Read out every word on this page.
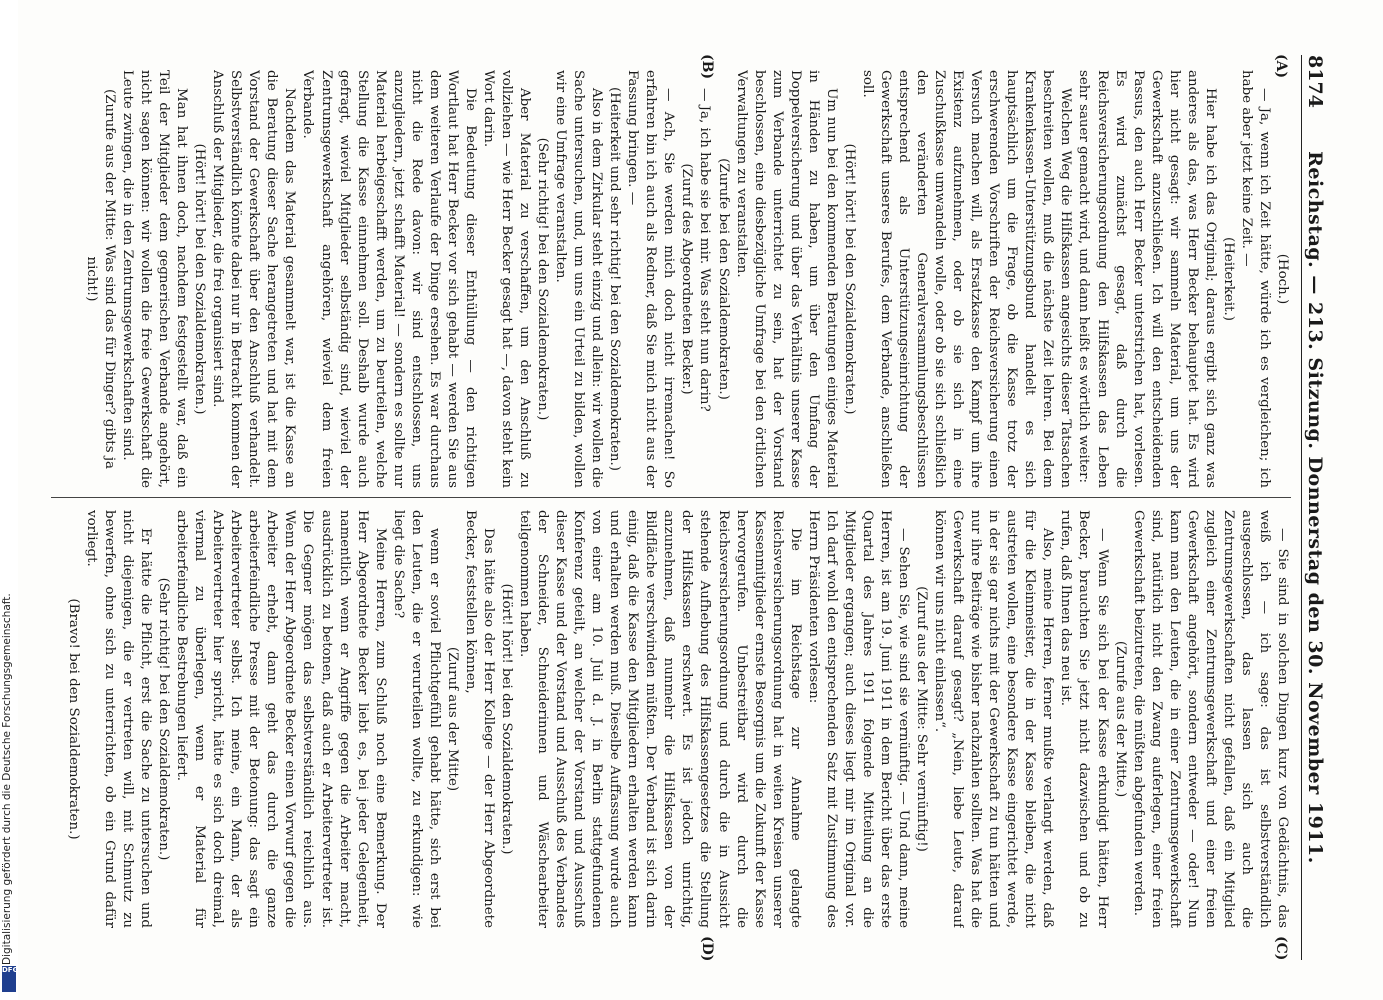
8174
Reichstag. — 213. Sitzung. Donnerstag den 30. November 1911.
(A)
(B)
(C)
(D)

(Hoch.)

— Ja, wenn ich Zeit hätte, würde ich es vergleichen; ich habe aber jetzt keine Zeit. —

(Heiterkeit.)

Hier habe ich das Original; daraus ergibt sich ganz was anderes als das, was Herr Becker behauptet hat. Es wird hier nicht gesagt: wir sammeln Material, um uns der Gewerkschaft anzuschließen. Ich will den entscheidenden Passus, den auch Herr Becker unterstrichen hat, vorlesen. Es wird zunächst gesagt, daß durch die Reichsversicherungsordnung den Hilfskassen das Leben sehr sauer gemacht wird, und dann heißt es wörtlich weiter:

Welchen Weg die Hilfskassen angesichts dieser Tatsachen beschreiten wollen, muß die nächste Zeit lehren. Bei dem Krankenkassen-Unterstützungsbund handelt es sich hauptsächlich um die Frage, ob die Kasse trotz der erschwerenden Vorschriften der Reichsversicherung einen Versuch machen will, als Ersatzkasse den Kampf um ihre Existenz aufzunehmen, oder ob sie sich in eine Zuschußkasse umwandeln wolle, oder ob sie sich schließlich den veränderten Generalversammlungsbeschlüssen entsprechend als Unterstützungseinrichtung der Gewerkschaft unseres Berufes, dem Verbande, anschließen soll.

(Hört! hört! bei den Sozialdemokraten.)

Um nun bei den kommenden Beratungen einiges Material in Händen zu haben, um über den Umfang der Doppelversicherung und über das Verhältnis unserer Kasse zum Verbande unterrichtet zu sein, hat der Vorstand beschlossen, eine diesbezügliche Umfrage bei den örtlichen Verwaltungen zu veranstalten.

(Zurufe bei den Sozialdemokraten.)

— Ja, ich habe sie bei mir. Was steht nun darin?

(Zuruf des Abgeordneten Becker.)

— Ach, Sie werden mich doch nicht irremachen! So erfahren bin ich auch als Redner, daß Sie mich nicht aus der Fassung bringen. —

(Heiterkeit und sehr richtig! bei den Sozialdemokraten.)

Also in dem Zirkular steht einzig und allein: wir wollen die Sache untersuchen, und, um uns ein Urteil zu bilden, wollen wir eine Umfrage veranstalten.

(Sehr richtig! bei den Sozialdemokraten.)

Aber Material zu verschaffen, um den Anschluß zu vollziehen — wie Herr Becker gesagt hat —, davon steht kein Wort darin.

Die Bedeutung dieser Enthüllung — den richtigen Wortlaut hat Herr Becker vor sich gehabt — werden Sie aus dem weiteren Verlaufe der Dinge ersehen. Es war durchaus nicht die Rede davon: wir sind entschlossen, uns anzugliedern, jetzt schafft Material! — sondern es sollte nur Material herbeigeschafft werden, um zu beurteilen, welche Stellung die Kasse einnehmen soll. Deshalb wurde auch gefragt, wieviel Mitglieder selbständig sind, wieviel der Zentrumsgewerkschaft angehören, wieviel dem freien Verbande.

Nachdem das Material gesammelt war, ist die Kasse an die Beratung dieser Sache herangetreten und hat mit dem Vorstand der Gewerkschaft über den Anschluß verhandelt. Selbstverständlich könnte dabei nur in Betracht kommen der Anschluß der Mitglieder, die frei organisiert sind.

(Hört! hört! bei den Sozialdemokraten.)

Man hat ihnen doch, nachdem festgestellt war, daß ein Teil der Mitglieder dem gegnerischen Verbande angehört, nicht sagen können: wir wollen die freie Gewerkschaft die Leute zwingen, die in den Zentrumsgewerkschaften sind.

(Zurufe aus der Mitte: Was sind das für Dinger? gibts ja nicht!)

— Sie sind in solchen Dingen kurz von Gedächtnis, das weiß ich — ich sage: das ist selbstverständlich ausgeschlossen, das lassen sich auch die Zentrumsgewerkschaften nicht gefallen, daß ein Mitglied zugleich einer Zentrumsgewerkschaft und einer freien Gewerkschaft angehört, sondern entweder — oder! Nun kann man den Leuten, die in einer Zentrumsgewerkschaft sind, natürlich nicht den Zwang auferlegen, einer freien Gewerkschaft beizutreten, die müßten abgefunden werden.

(Zurufe aus der Mitte.)

— Wenn Sie sich bei der Kasse erkundigt hätten, Herr Becker, brauchten Sie jetzt nicht dazwischen und ob zu rufen, daß Ihnen das neu ist.

Also, meine Herren, ferner mußte verlangt werden, daß für die Kleinmeister, die in der Kasse bleiben, die nicht austreten wollen, eine besondere Kasse eingerichtet werde, in der sie gar nichts mit der Gewerkschaft zu tun hätten und nur ihre Beiträge wie bisher nachzahlen sollten. Was hat die Gewerkschaft darauf gesagt? „Nein, liebe Leute, darauf können wir uns nicht einlassen“.

(Zuruf aus der Mitte: Sehr vernünftig!)

— Sehen Sie, wie sind sie vernünftig. — Und dann, meine Herren, ist am 19. Juni 1911 in dem Bericht über das erste Quartal des Jahres 1911 folgende Mitteilung an die Mitglieder ergangen; auch dieses liegt mir im Original vor. Ich darf wohl den entsprechenden Satz mit Zustimmung des Herrn Präsidenten vorlesen:

Die im Reichstage zur Annahme gelangte Reichsversicherungsordnung hat in weiten Kreisen unserer Kassenmitglieder ernste Besorgnis um die Zukunft der Kasse hervorgerufen. Unbestreitbar wird durch die Reichsversicherungsordnung und durch die in Aussicht stehende Aufhebung des Hilfskassengesetzes die Stellung der Hilfskassen erschwert. Es ist jedoch unrichtig, anzunehmen, daß nunmehr die Hilfskassen von der Bildfläche verschwinden müßten. Der Verband ist sich darin einig, daß die Kasse den Mitgliedern erhalten werden kann und erhalten werden muß. Dieselbe Auffassung wurde auch von einer am 10. Juli d. J. in Berlin stattgefundenen Konferenz geteilt, an welcher der Vorstand und Ausschuß dieser Kasse und der Vorstand und Ausschuß des Verbandes der Schneider, Schneiderinnen und Wäschearbeiter teilgenommen haben.

(Hört! hört! bei den Sozialdemokraten.)

Das hätte also der Herr Kollege — der Herr Abgeordnete Becker, feststellen können,

(Zuruf aus der Mitte)

wenn er soviel Pflichtgefühl gehabt hätte, sich erst bei den Leuten, die er verurteilen wollte, zu erkundigen: wie liegt die Sache?

Meine Herren, zum Schluß noch eine Bemerkung. Der Herr Abgeordnete Becker liebt es, bei jeder Gelegenheit, namentlich wenn er Angriffe gegen die Arbeiter macht, ausdrücklich zu betonen, daß auch er Arbeitervertreter ist. Die Gegner mögen das selbstverständlich reichlich aus. Wenn der Herr Abgeordnete Becker einen Vorwurf gegen die Arbeiter erhebt, dann geht das durch die ganze arbeiterfeindliche Presse mit der Betonung: das sagt ein Arbeitervertreter selbst. Ich meine, ein Mann, der als Arbeitervertreter hier spricht, hätte es sich doch dreimal, viermal zu überlegen, wenn er Material für arbeiterfeindliche Bestrebungen liefert.

(Sehr richtig! bei den Sozialdemokraten.)

Er hätte die Pflicht, erst die Sache zu untersuchen und nicht diejenigen, die er vertreten will, mit Schmutz zu bewerfen, ohne sich zu unterrichten, ob ein Grund dafür vorliegt.

(Bravo! bei den Sozialdemokraten.)

Digitalisierung gefördert durch die Deutsche Forschungsgemeinschaft.
DFG
